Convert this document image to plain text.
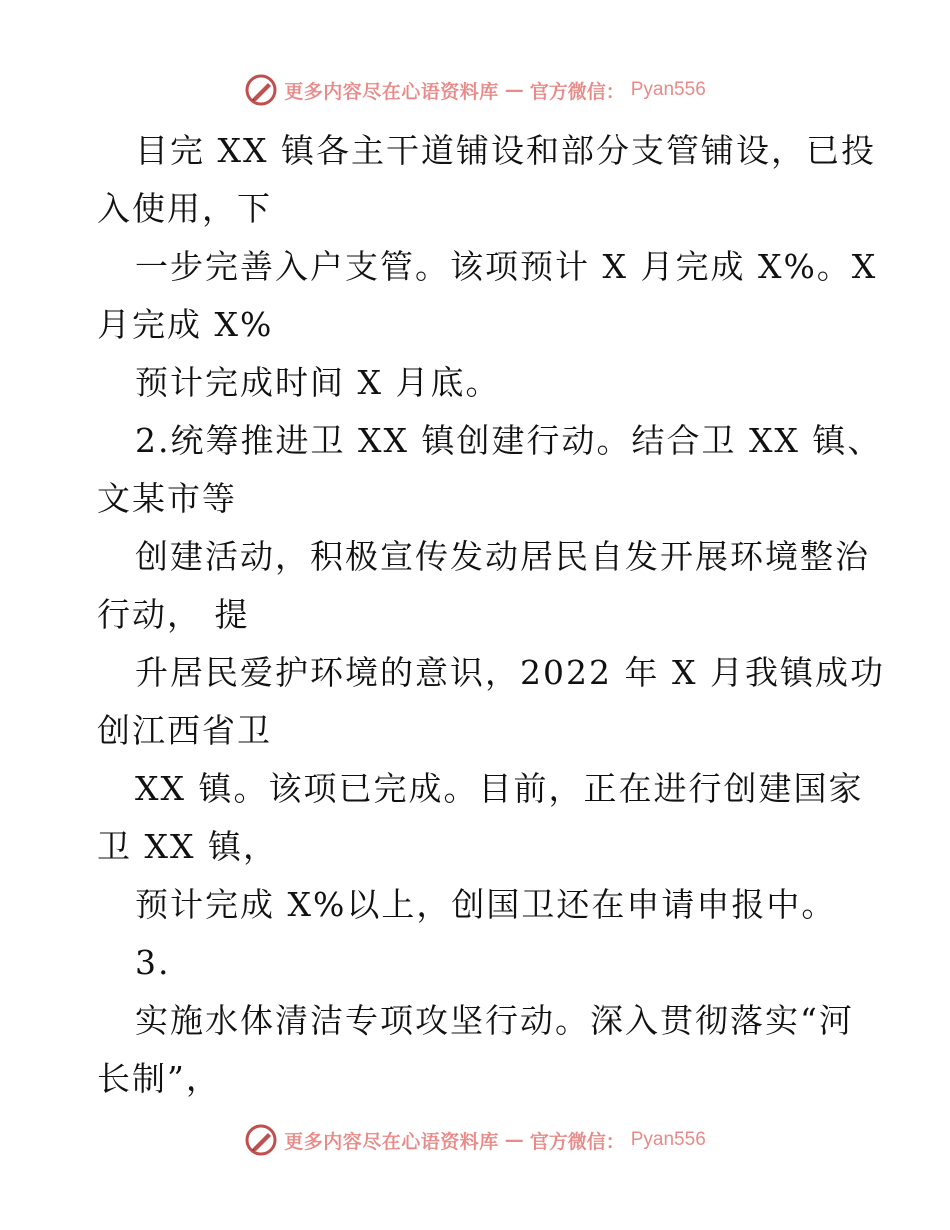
更多内容尽在心语资料库 — 官方微信： Pyan556
目完 XX 镇各主干道铺设和部分支管铺设，已投
入使用，下
一步完善入户支管。该项预计 X 月完成 X%。X
月完成 X%
预计完成时间 X 月底。
2.统筹推进卫 XX 镇创建行动。结合卫 XX 镇、
文某市等
创建活动，积极宣传发动居民自发开展环境整治
行动， 提
升居民爱护环境的意识，2022 年 X 月我镇成功
创江西省卫
XX 镇。该项已完成。目前，正在进行创建国家
卫 XX 镇，
预计完成 X%以上，创国卫还在申请申报中。
3.
实施水体清洁专项攻坚行动。深入贯彻落实“河
长制”，
更多内容尽在心语资料库 — 官方微信： Pyan556
